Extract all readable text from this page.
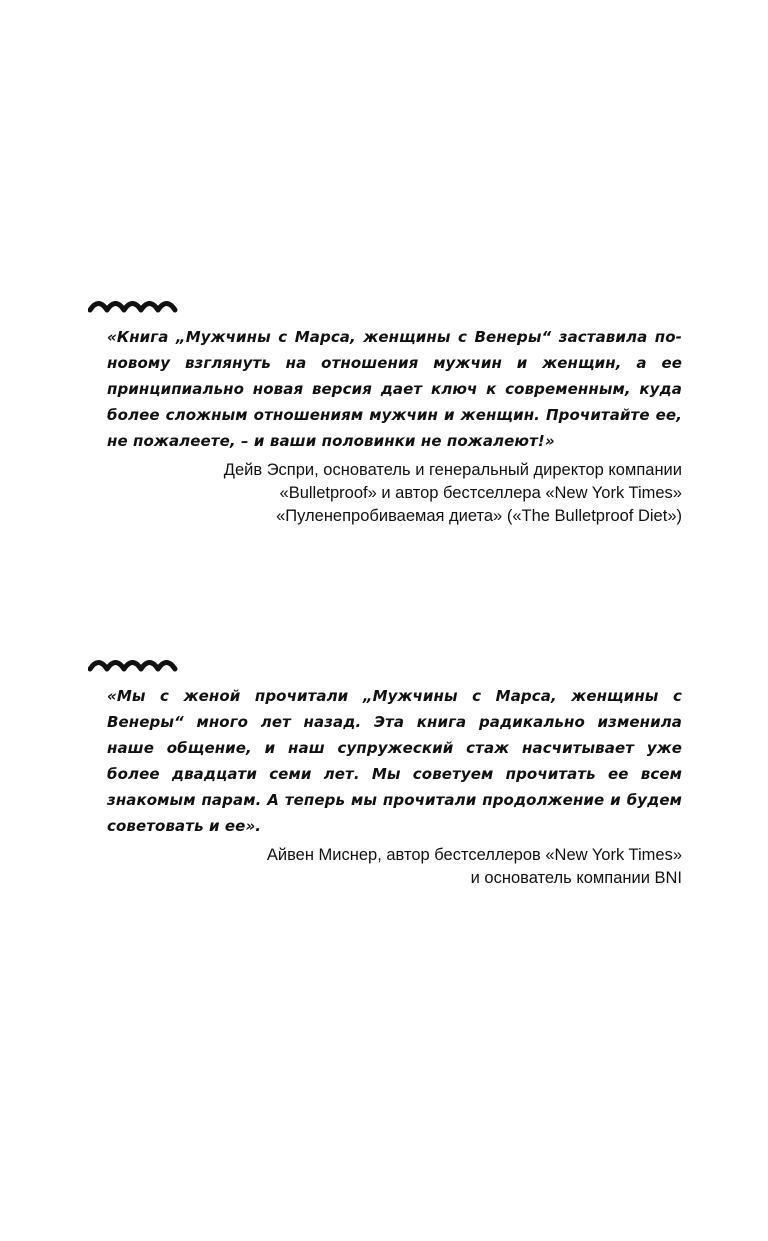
«Книга „Мужчины с Марса, женщины с Венеры“ заставила по-новому взглянуть на отношения мужчин и женщин, а ее принципиально новая версия дает ключ к современным, куда более сложным отношениям мужчин и женщин. Прочитайте ее, не пожалеете, – и ваши половинки не пожалеют!»

Дейв Эспри, основатель и генеральный директор компании
«Bulletproof» и автор бестселлера «New York Times»
«Пуленепробиваемая диета» («The Bulletproof Diet»)

«Мы с женой прочитали „Мужчины с Марса, женщины с Венеры“ много лет назад. Эта книга радикально изменила наше общение, и наш супружеский стаж насчитывает уже более двадцати семи лет. Мы советуем прочитать ее всем знакомым парам. А теперь мы прочитали продолжение и будем советовать и ее».

Айвен Миснер, автор бестселлеров «New York Times»
и основатель компании BNI
